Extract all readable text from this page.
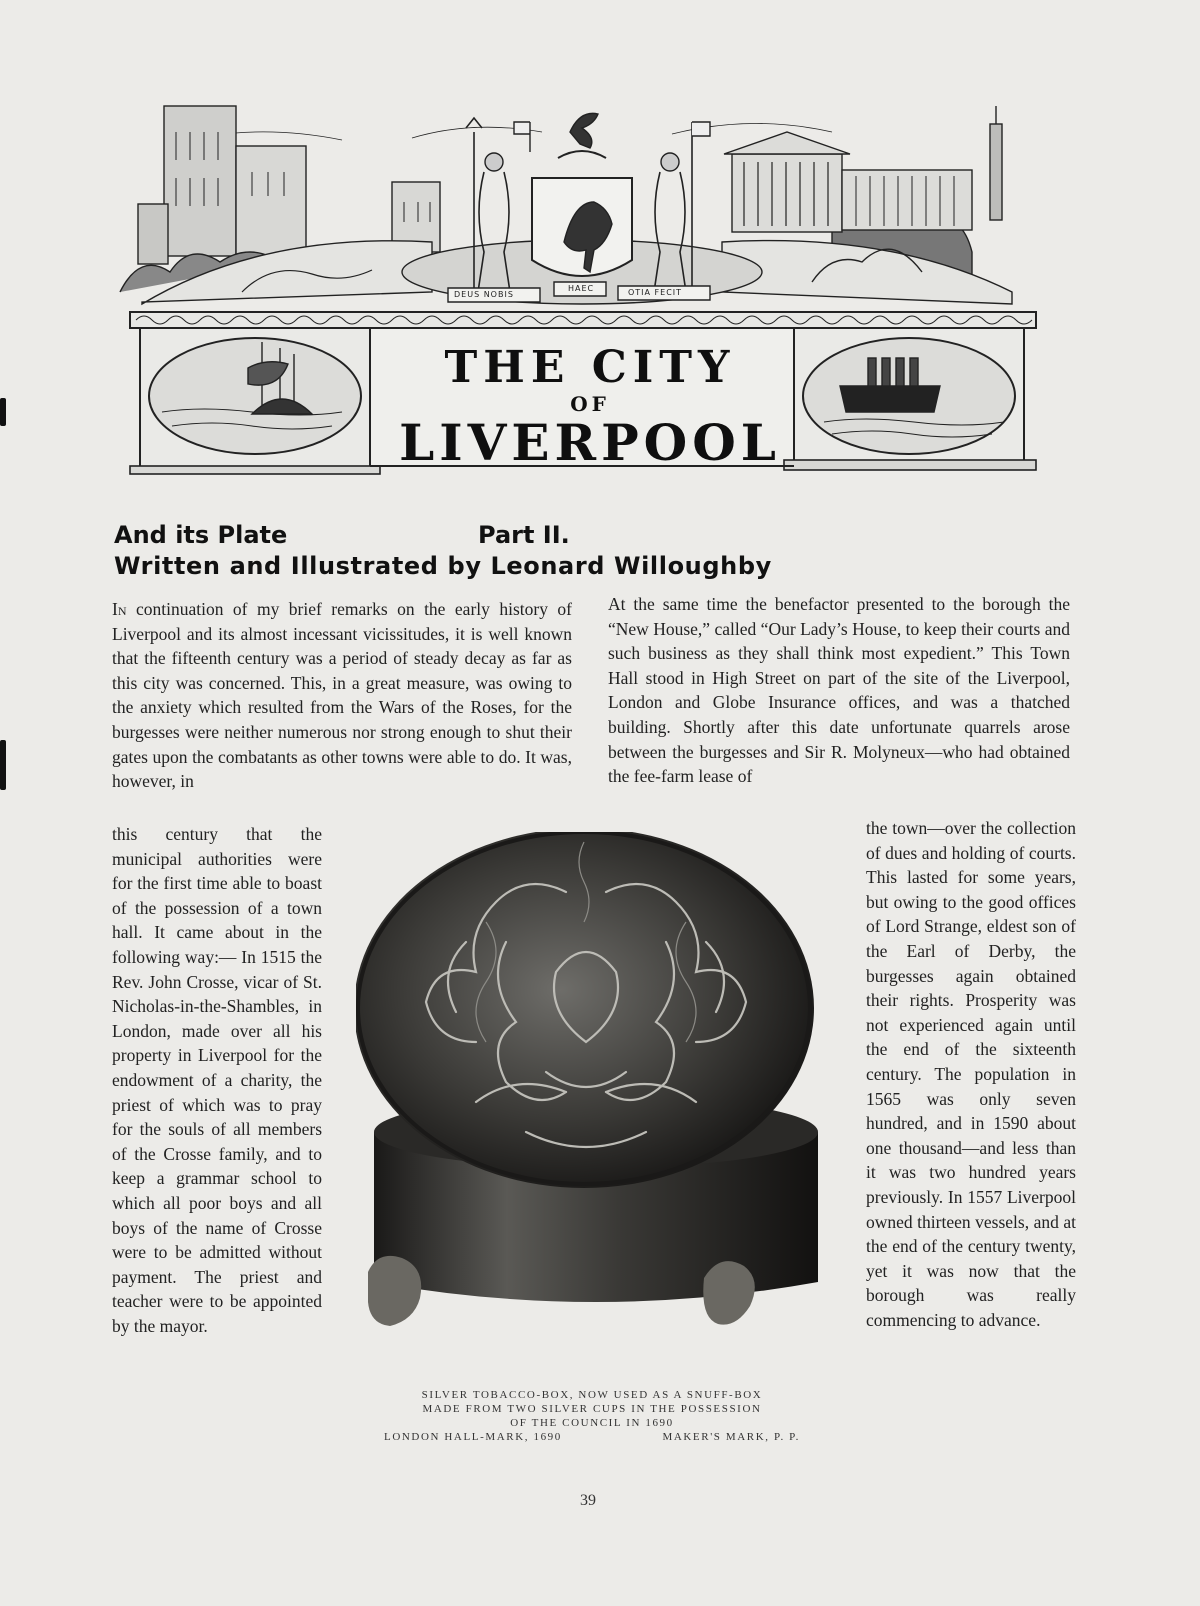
DEUS NOBIS
HAEC	OTIA FECIT
THE CITY
OF
LIVERPOOL
And its Plate	Part II.
Written and Illustrated by Leonard Willoughby

In continuation of my brief remarks on the early history of Liverpool and its almost incessant vicissitudes, it is well known that the fifteenth century was a period of steady decay as far as this city was concerned. This, in a great measure, was owing to the anxiety which resulted from the Wars of the Roses, for the burgesses were neither numerous nor strong enough to shut their gates upon the combatants as other towns were able to do. It was, however, in

At the same time the benefactor presented to the borough the “New House,” called “Our Lady’s House, to keep their courts and such business as they shall think most expedient.” This Town Hall stood in High Street on part of the site of the Liverpool, London and Globe Insurance offices, and was a thatched building. Shortly after this date unfortunate quarrels arose between the burgesses and Sir R. Molyneux—who had obtained the fee-farm lease of

this century that the municipal authorities were for the first time able to boast of the possession of a town hall. It came about in the following way:— In 1515 the Rev. John Crosse, vicar of St. Nicholas-in-the-Shambles, in London, made over all his property in Liverpool for the endowment of a charity, the priest of which was to pray for the souls of all members of the Crosse family, and to keep a grammar school to which all poor boys and all boys of the name of Crosse were to be admitted without payment. The priest and teacher were to be appointed by the mayor.

the town—over the collection of dues and holding of courts. This lasted for some years, but owing to the good offices of Lord Strange, eldest son of the Earl of Derby, the burgesses again obtained their rights. Prosperity was not experienced again until the end of the sixteenth century. The population in 1565 was only seven hundred, and in 1590 about one thousand—and less than it was two hundred years previously. In 1557 Liverpool owned thirteen vessels, and at the end of the century twenty, yet it was now that the borough was really commencing to advance.

SILVER TOBACCO-BOX, NOW USED AS A SNUFF-BOX
MADE FROM TWO SILVER CUPS IN THE POSSESSION
OF THE COUNCIL IN 1690
LONDON HALL-MARK, 1690	MAKER'S MARK, P. P.
39
